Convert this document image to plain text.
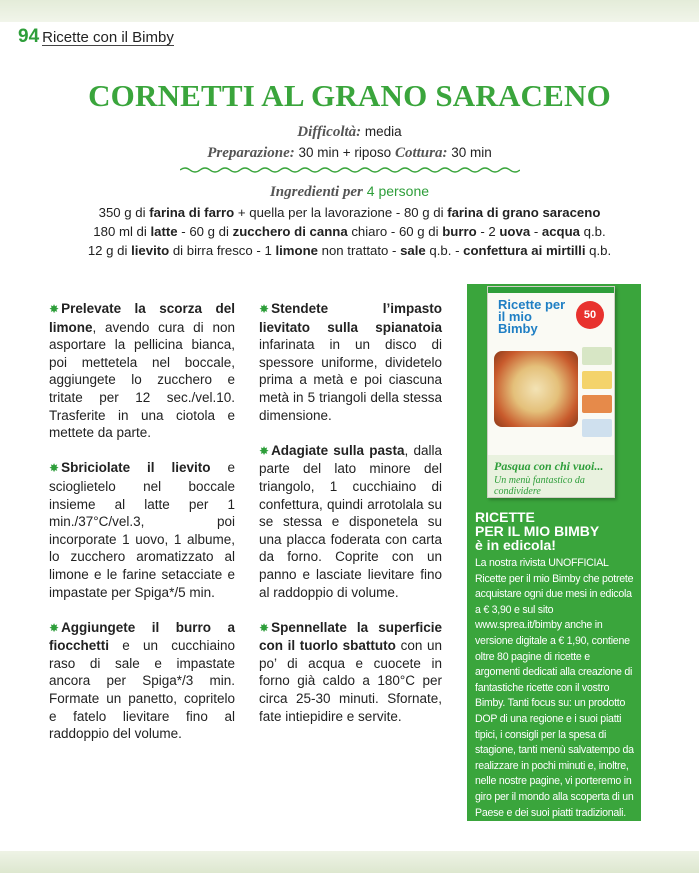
94 Ricette con il Bimby
CORNETTI AL GRANO SARACENO
Difficoltà: media
Preparazione: 30 min + riposo Cottura: 30 min
Ingredienti per 4 persone
350 g di farina di farro + quella per la lavorazione - 80 g di farina di grano saraceno
180 ml di latte - 60 g di zucchero di canna chiaro - 60 g di burro - 2 uova - acqua q.b.
12 g di lievito di birra fresco - 1 limone non trattato - sale q.b. - confettura ai mirtilli q.b.

✸ Prelevate la scorza del limone, avendo cura di non asportare la pellicina bianca, poi mettetela nel boccale, aggiungete lo zucchero e tritate per 12 sec./vel.10. Trasferite in una ciotola e mettete da parte.

✸ Sbriciolate il lievito e scioglietelo nel boccale insieme al latte per 1 min./37°C/vel.3, poi incorporate 1 uovo, 1 albume, lo zucchero aromatizzato al limone e le farine setacciate e impastate per Spiga*/5 min.

✸ Aggiungete il burro a fiocchetti e un cucchiaino raso di sale e impastate ancora per Spiga*/3 min. Formate un panetto, copritelo e fatelo lievitare fino al raddoppio del volume.

✸ Stendete l’impasto lievitato sulla spianatoia infarinata in un disco di spessore uniforme, dividetelo prima a metà e poi ciascuna metà in 5 triangoli della stessa dimensione.

✸ Adagiate sulla pasta, dalla parte del lato minore del triangolo, 1 cucchiaino di confettura, quindi arrotolala su se stessa e disponetela su una placca foderata con carta da forno. Coprite con un panno e lasciate lievitare fino al raddoppio di volume.

✸ Spennellate la superficie con il tuorlo sbattuto con un po’ di acqua e cuocete in forno già caldo a 180°C per circa 25-30 minuti. Sfornate, fate intiepidire e servite.

Ricette per il mio Bimby
50
Pasqua con chi vuoi...
Un menù fantastico da condividere
RICETTE
PER IL MIO BIMBY
è in edicola!
La nostra rivista UNOFFICIAL Ricette per il mio Bimby che potrete acquistare ogni due mesi in edicola a € 3,90 e sul sito www.sprea.it/bimby anche in versione digitale a € 1,90, contiene oltre 80 pagine di ricette e argomenti dedicati alla creazione di fantastiche ricette con il vostro Bimby. Tanti focus su: un prodotto DOP di una regione e i suoi piatti tipici, i consigli per la spesa di stagione, tanti menù salvatempo da realizzare in pochi minuti e, inoltre, nelle nostre pagine, vi porteremo in giro per il mondo alla scoperta di un Paese e dei suoi piatti tradizionali.
